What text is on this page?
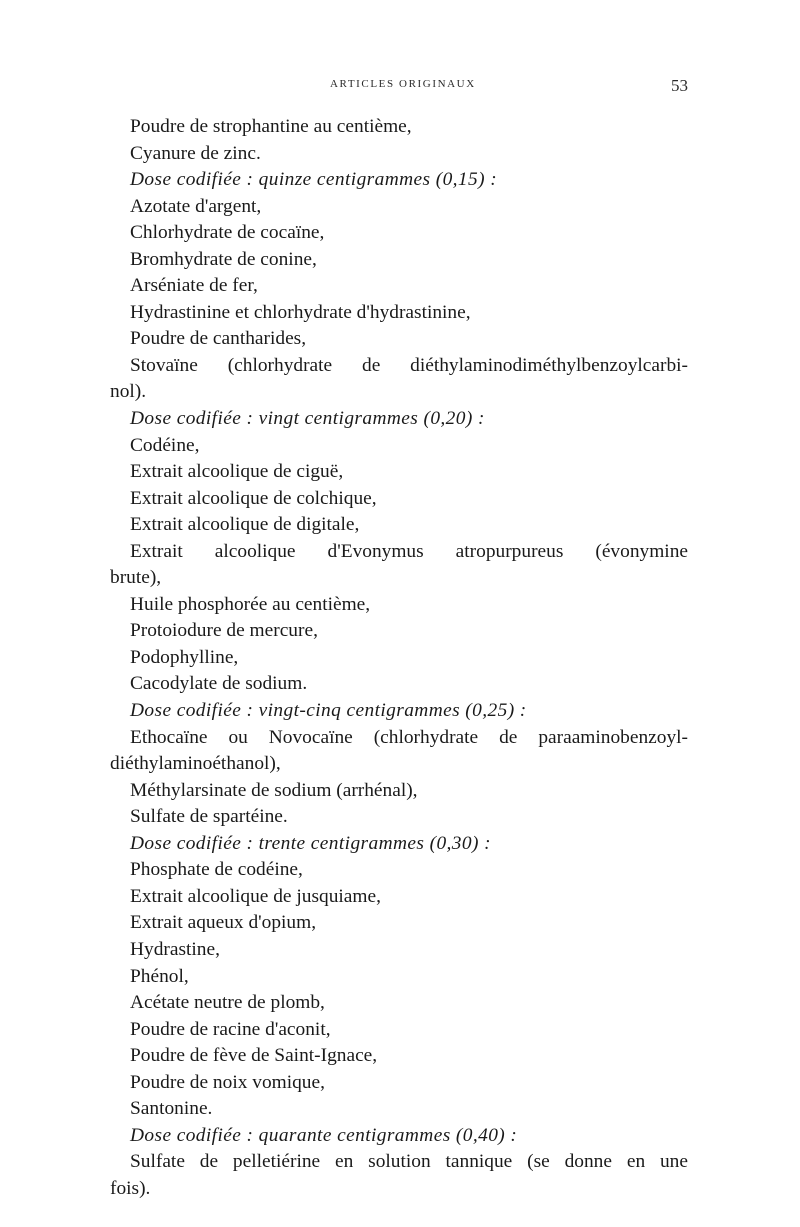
ARTICLES ORIGINAUX	53
Poudre de strophantine au centième,
Cyanure de zinc.
Dose codifiée : quinze centigrammes (0,15) :
Azotate d'argent,
Chlorhydrate de cocaïne,
Bromhydrate de conine,
Arséniate de fer,
Hydrastinine et chlorhydrate d'hydrastinine,
Poudre de cantharides,
Stovaïne (chlorhydrate de diéthylaminodiméthylbenzoylcarbi-
nol).
Dose codifiée : vingt centigrammes (0,20) :
Codéine,
Extrait alcoolique de ciguë,
Extrait alcoolique de colchique,
Extrait alcoolique de digitale,
Extrait alcoolique d'Evonymus atropurpureus (évonymine
brute),
Huile phosphorée au centième,
Protoiodure de mercure,
Podophylline,
Cacodylate de sodium.
Dose codifiée : vingt-cinq centigrammes (0,25) :
Ethocaïne ou Novocaïne (chlorhydrate de paraaminobenzoyl-
diéthylaminoéthanol),
Méthylarsinate de sodium (arrhénal),
Sulfate de spartéine.
Dose codifiée : trente centigrammes (0,30) :
Phosphate de codéine,
Extrait alcoolique de jusquiame,
Extrait aqueux d'opium,
Hydrastine,
Phénol,
Acétate neutre de plomb,
Poudre de racine d'aconit,
Poudre de fève de Saint-Ignace,
Poudre de noix vomique,
Santonine.
Dose codifiée : quarante centigrammes (0,40) :
Sulfate de pelletiérine en solution tannique (se donne en une
fois).
